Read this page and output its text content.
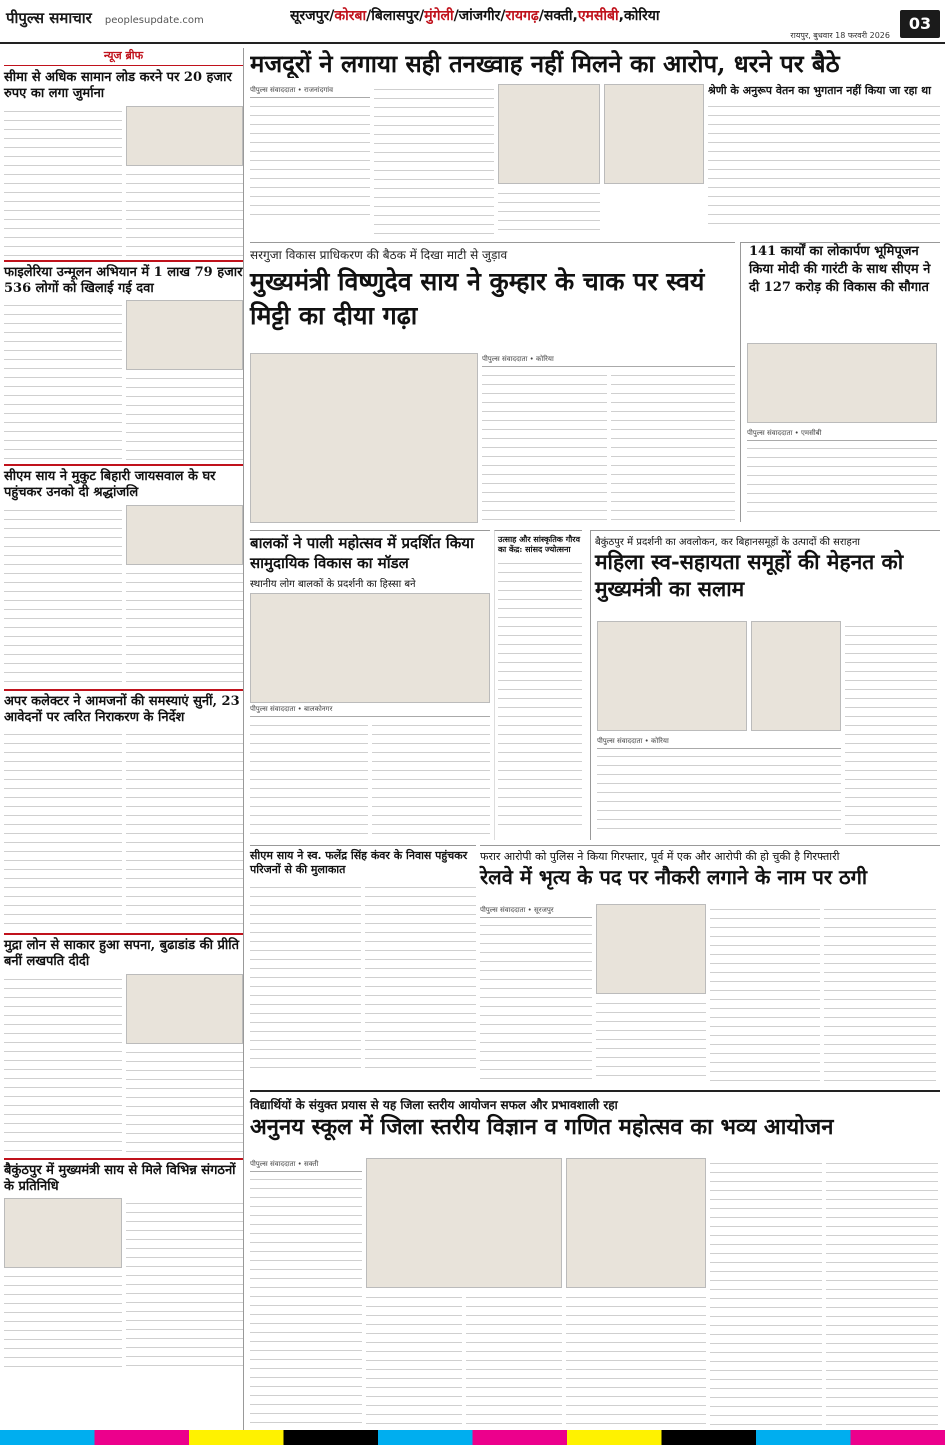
पीपुल्स समाचार peoplesupdate.com	सूरजपुर/कोरबा/बिलासपुर/मुंगेली/जांजगीर/रायगढ़/सक्ती,एमसीबी,कोरिया
रायपुर, बुधवार 18 फरवरी 2026
03
न्यूज ब्रीफ
सीमा से अधिक सामान लोड करने पर 20 हजार रुपए का लगा जुर्माना
फाइलेरिया उन्मूलन अभियान में 1 लाख 79 हजार 536 लोगों को खिलाई गई दवा
सीएम साय ने मुकुट बिहारी जायसवाल के घर पहुंचकर उनको दी श्रद्धांजलि
अपर कलेक्टर ने आमजनों की समस्याएं सुनीं, 23 आवेदनों पर त्वरित निराकरण के निर्देश
मुद्रा लोन से साकार हुआ सपना, बुढाडांड की प्रीति बनीं लखपति दीदी
बैकुंठपुर में मुख्यमंत्री साय से मिले विभिन्न संगठनों के प्रतिनिधि
मजदूरों ने लगाया सही तनख्वाह नहीं मिलने का आरोप, धरने पर बैठे
पीपुल्स संवाददाता • राजनांदगांव	श्रेणी के अनुरूप वेतन का भुगतान नहीं किया जा रहा था
सरगुजा विकास प्राधिकरण की बैठक में दिखा माटी से जुड़ाव
मुख्यमंत्री विष्णुदेव साय ने कुम्हार के चाक पर स्वयं मिट्टी का दीया गढ़ा
पीपुल्स संवाददाता • कोरिया
141 कार्यों का लोकार्पण भूमिपूजन किया मोदी की गारंटी के साथ सीएम ने दी 127 करोड़ की विकास की सौगात
पीपुल्स संवाददाता • एमसीबी
बालकों ने पाली महोत्सव में प्रदर्शित किया सामुदायिक विकास का मॉडल
स्थानीय लोग बालकों के प्रदर्शनी का हिस्सा बने
पीपुल्स संवाददाता • बालकोनगर
उत्साह और सांस्कृतिक गौरव का केंद्र: सांसद ज्योत्सना
बैकुंठपुर में प्रदर्शनी का अवलोकन, कर बिहानसमूहों के उत्पादों की सराहना
महिला स्व-सहायता समूहों की मेहनत को मुख्यमंत्री का सलाम
पीपुल्स संवाददाता • कोरिया
फरार आरोपी को पुलिस ने किया गिरफ्तार, पूर्व में एक और आरोपी की हो चुकी है गिरफ्तारी
रेलवे में भृत्य के पद पर नौकरी लगाने के नाम पर ठगी
पीपुल्स संवाददाता • सूरजपुर
सीएम साय ने स्व. फलेंद्र सिंह कंवर के निवास पहुंचकर परिजनों से की मुलाकात
विद्यार्थियों के संयुक्त प्रयास से यह जिला स्तरीय आयोजन सफल और प्रभावशाली रहा
अनुनय स्कूल में जिला स्तरीय विज्ञान व गणित महोत्सव का भव्य आयोजन
पीपुल्स संवाददाता • सक्ती
